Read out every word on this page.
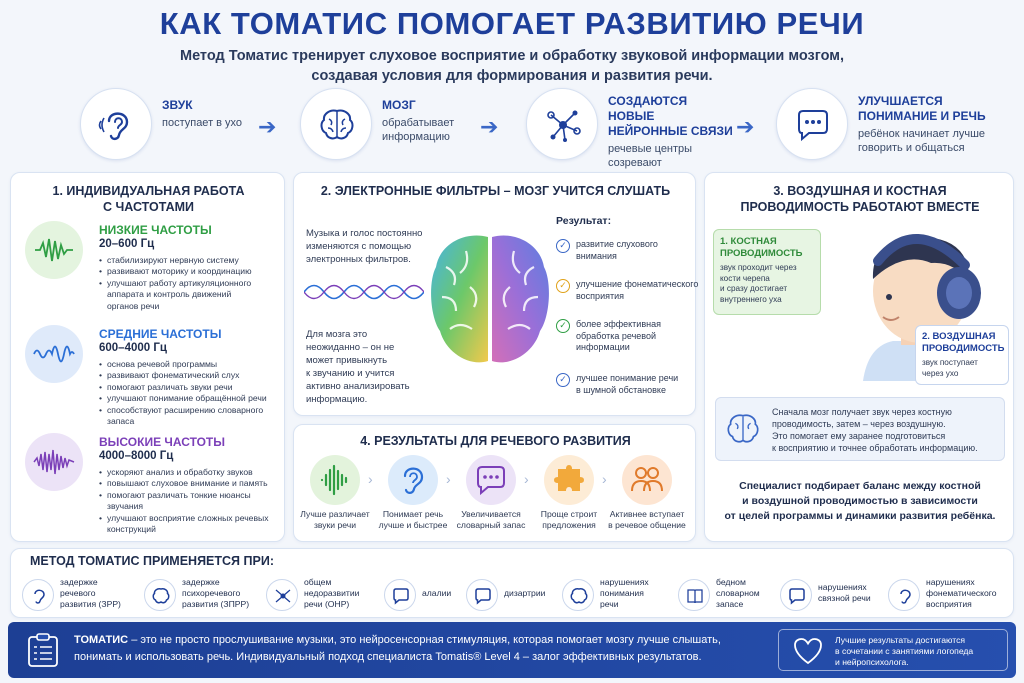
КАК ТОМАТИС ПОМОГАЕТ РАЗВИТИЮ РЕЧИ
Метод Томатис тренирует слуховое восприятие и обработку звуковой информации мозгом,
создавая условия для формирования и развития речи.
ЗВУК
поступает в ухо ➔
МОЗГ
обрабатывает
информацию ➔
СОЗДАЮТСЯ НОВЫЕ
НЕЙРОННЫЕ СВЯЗИ
речевые центры
созревают
➔
УЛУЧШАЕТСЯ
ПОНИМАНИЕ И РЕЧЬ
ребёнок начинает лучше
говорить и общаться
1. ИНДИВИДУАЛЬНАЯ РАБОТА
С ЧАСТОТАМИ
НИЗКИЕ ЧАСТОТЫ
20–600 Гц
• стабилизируют нервную систему
• развивают моторику и координацию
• улучшают работу артикуляционного
аппарата и контроль движений
органов речи
СРЕДНИЕ ЧАСТОТЫ
600–4000 Гц
• основа речевой программы
• развивают фонематический слух
• помогают различать звуки речи
• улучшают понимание обращённой речи
• способствуют расширению словарного запаса
ВЫСОКИЕ ЧАСТОТЫ
4000–8000 Гц
• ускоряют анализ и обработку звуков
• повышают слуховое внимание и память
• помогают различать тонкие нюансы звучания
• улучшают восприятие сложных речевых
конструкций
2. ЭЛЕКТРОННЫЕ ФИЛЬТРЫ – МОЗГ УЧИТСЯ СЛУШАТЬ
Музыка и голос постоянно
изменяются с помощью
электронных фильтров.
Для мозга это
неожиданно – он не
может привыкнуть
к звучанию и учится
активно анализировать
информацию.
Результат:
✓	развитие слухового
внимания
✓	улучшение фонематического
восприятия
✓	более эффективная
обработка речевой
информации
✓	лучшее понимание речи
в шумной обстановке
4. РЕЗУЛЬТАТЫ ДЛЯ РЕЧЕВОГО РАЗВИТИЯ
Лучше различает
звуки речи
›
Понимает речь
лучше и быстрее
›
Увеличивается
словарный запас
›
Проще строит
предложения
›
Активнее вступает
в речевое общение
3. ВОЗДУШНАЯ И КОСТНАЯ
ПРОВОДИМОСТЬ РАБОТАЮТ ВМЕСТЕ
1. КОСТНАЯ
ПРОВОДИМОСТЬ
звук проходит через
кости черепа
и сразу достигает
внутреннего уха
2. ВОЗДУШНАЯ
ПРОВОДИМОСТЬ
звук поступает
через ухо
Сначала мозг получает звук через костную
проводимость, затем – через воздушную.
Это помогает ему заранее подготовиться
к восприятию и точнее обработать информацию.
Специалист подбирает баланс между костной
и воздушной проводимостью в зависимости
от целей программы и динамики развития ребёнка.
МЕТОД ТОМАТИС ПРИМЕНЯЕТСЯ ПРИ:
задержке
речевого
развития (ЗРР)
задержке
психоречевого
развития (ЗПРР)
общем
недоразвитии
речи (ОНР)
алалии	дизартрии
нарушениях
понимания
речи
бедном
словарном
запасе
нарушениях
связной речи
нарушениях
фонематического
восприятия
ТОМАТИС – это не просто прослушивание музыки, это нейросенсорная стимуляция, которая помогает мозгу лучше слышать,
понимать и использовать речь. Индивидуальный подход специалиста Tomatis® Level 4 – залог эффективных результатов.
Лучшие результаты достигаются
в сочетании с занятиями логопеда
и нейропсихолога.
